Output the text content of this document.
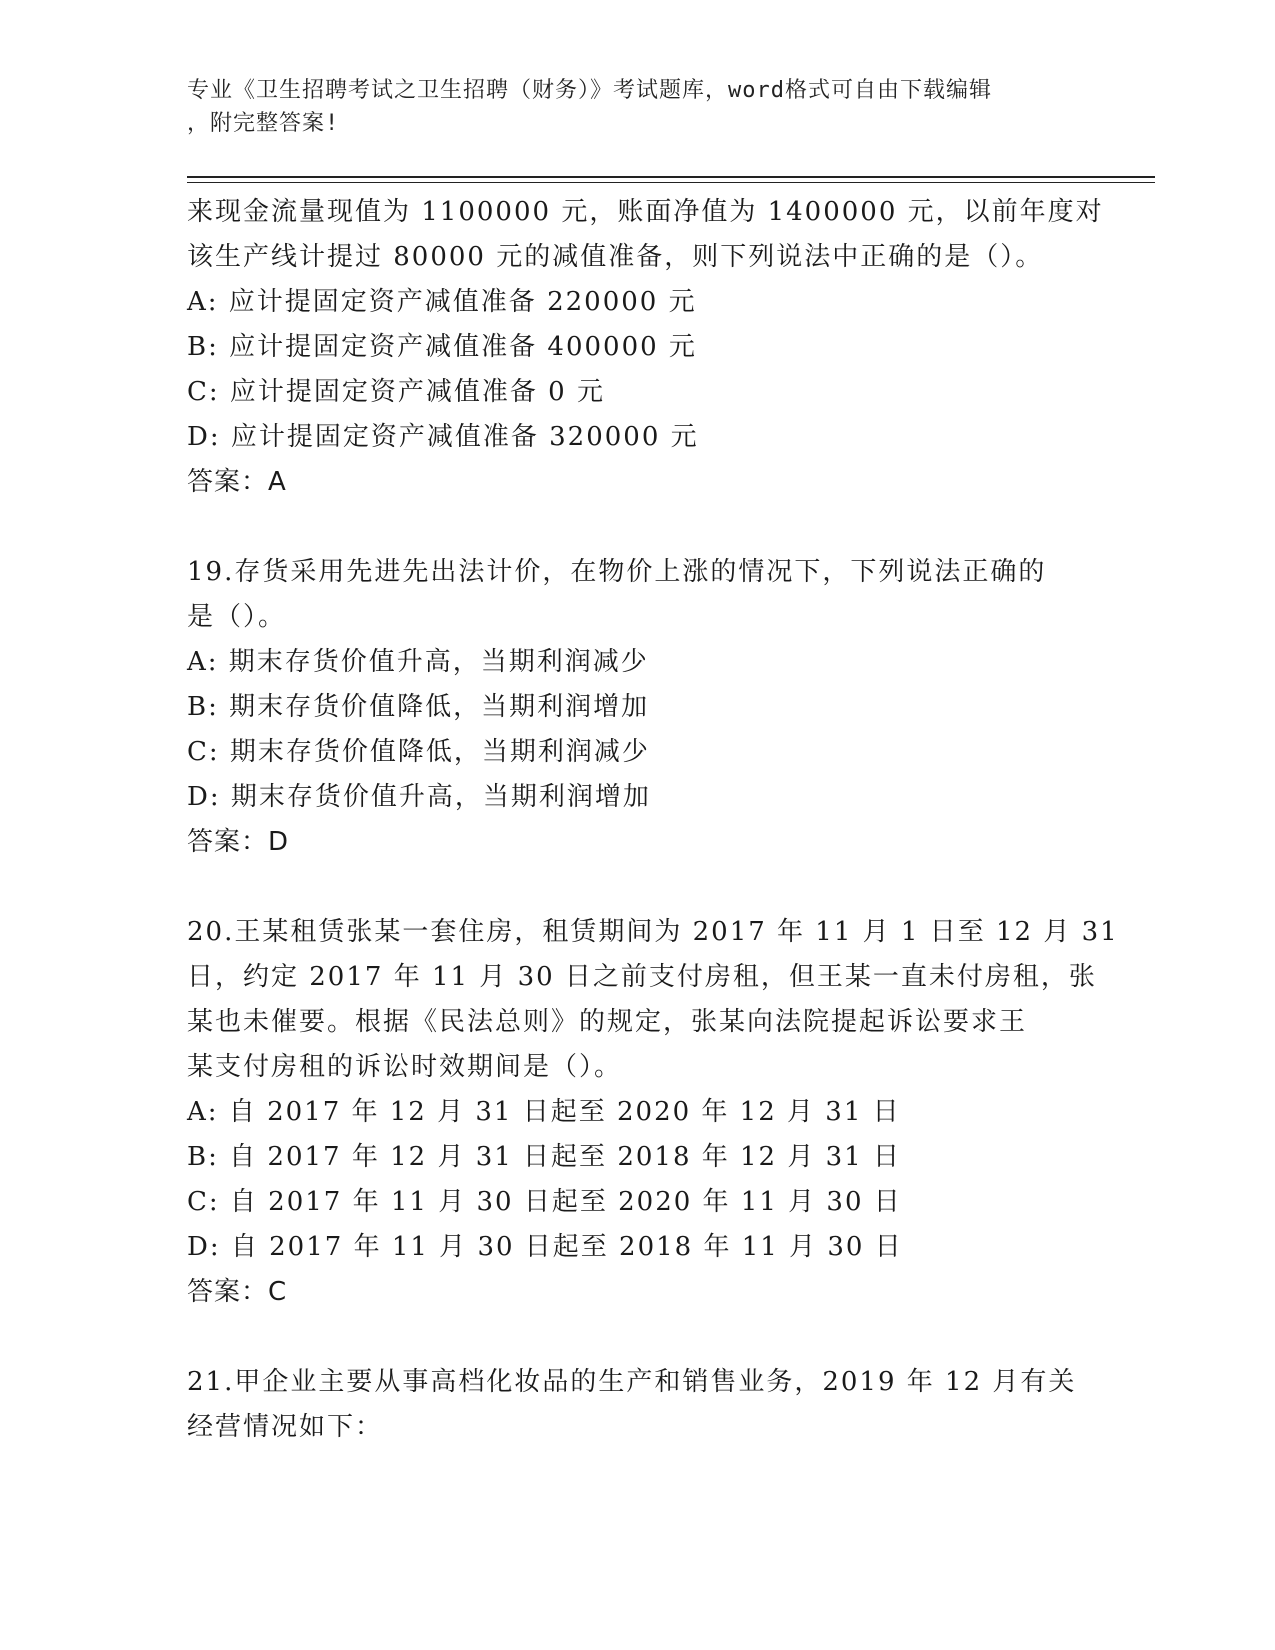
专业《卫生招聘考试之卫生招聘（财务）》考试题库，word格式可自由下载编辑
，附完整答案!
来现金流量现值为 1100000 元，账面净值为 1400000 元，以前年度对
该生产线计提过 80000 元的减值准备，则下列说法中正确的是（）。
A: 应计提固定资产减值准备 220000 元
B: 应计提固定资产减值准备 400000 元
C: 应计提固定资产减值准备 0 元
D: 应计提固定资产减值准备 320000 元
答案：A
19.存货采用先进先出法计价，在物价上涨的情况下，下列说法正确的
是（）。
A: 期末存货价值升高，当期利润减少
B: 期末存货价值降低，当期利润增加
C: 期末存货价值降低，当期利润减少
D: 期末存货价值升高，当期利润增加
答案：D
20.王某租赁张某一套住房，租赁期间为 2017 年 11 月 1 日至 12 月 31
日，约定 2017 年 11 月 30 日之前支付房租，但王某一直未付房租，张
某也未催要。根据《民法总则》的规定，张某向法院提起诉讼要求王
某支付房租的诉讼时效期间是（）。
A: 自 2017 年 12 月 31 日起至 2020 年 12 月 31 日
B: 自 2017 年 12 月 31 日起至 2018 年 12 月 31 日
C: 自 2017 年 11 月 30 日起至 2020 年 11 月 30 日
D: 自 2017 年 11 月 30 日起至 2018 年 11 月 30 日
答案：C
21.甲企业主要从事高档化妆品的生产和销售业务，2019 年 12 月有关
经营情况如下：
